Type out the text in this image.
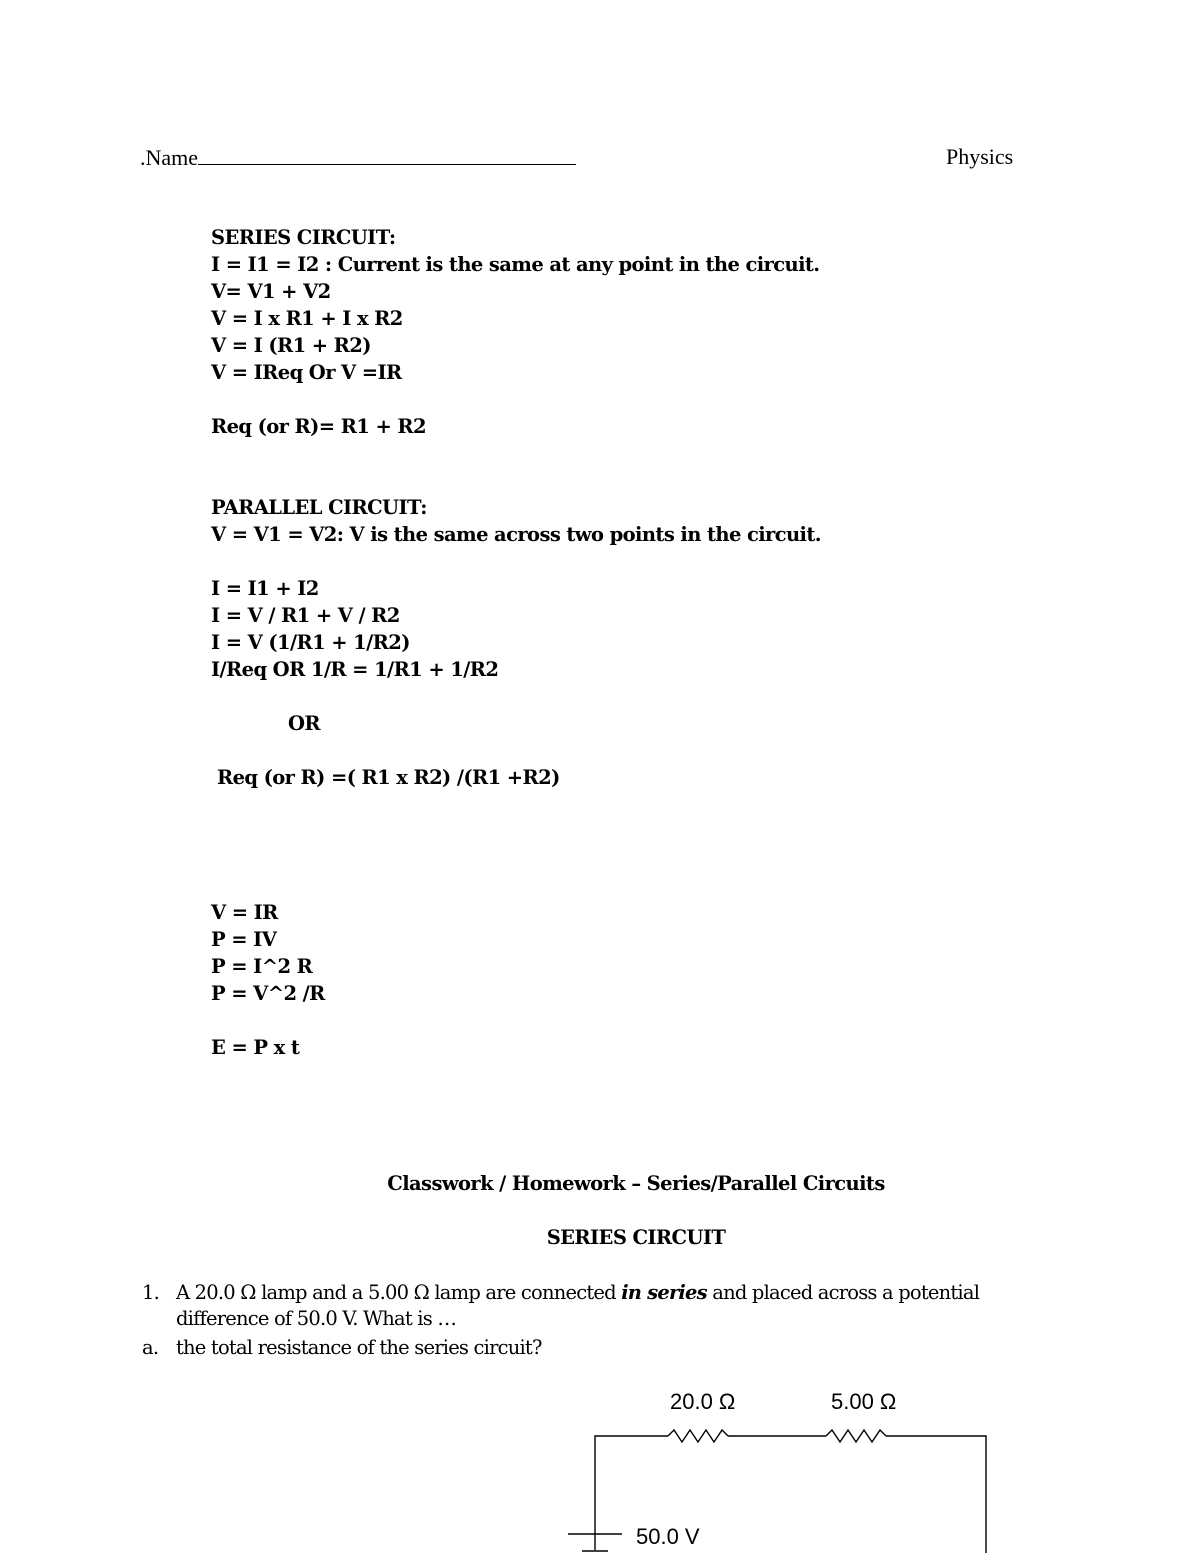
.Name	Physics
SERIES CIRCUIT:
I = I1 = I2 : Current is the same at any point in the circuit.
V= V1 + V2
V = I x R1 + I x R2
V = I (R1 + R2)
V = IReq Or V =IR
Req (or R)= R1 + R2
PARALLEL CIRCUIT:
V = V1 = V2: V is the same across two points in the circuit.
I = I1 + I2
I = V / R1 + V / R2
I = V (1/R1 + 1/R2)
I/Req OR 1/R = 1/R1 + 1/R2
OR
Req (or R) =( R1 x R2) /(R1 +R2)
V = IR
P = IV
P = I^2 R
P = V^2 /R
E = P x t
Classwork / Homework – Series/Parallel Circuits
SERIES CIRCUIT
1. A 20.0 Ω lamp and a 5.00 Ω lamp are connected in series and placed across a potential
difference of 50.0 V. What is …
a. the total resistance of the series circuit?
20.0 Ω	5.00 Ω
50.0 V
